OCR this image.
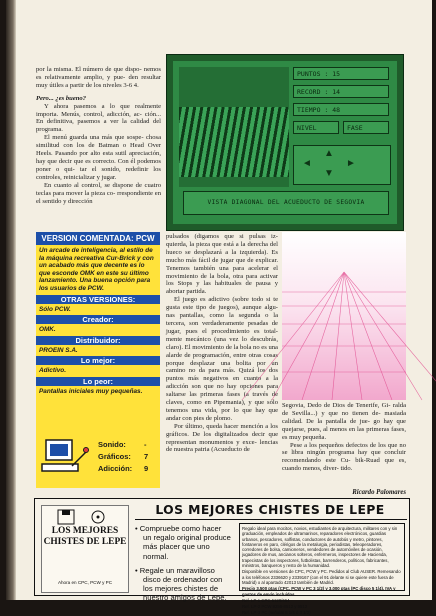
por la misma. El número de que dispo- nemos es relativamente amplio, y pue- den resultar muy útiles a partir de los niveles 3-6 4.

Pero... ¿es bueno?

Y ahora pasemos a lo que realmente importa. Menús, control, adicción, ac- ción... En definitiva, pasemos a ver la calidad del programa.

El menú guarda una más que sospe- chosa similitud con los de Batman o Head Over Heels. Pasando por alto esta sutil apreciación, hay que decir que es correcto. Con él podemos poner o qui- tar el sonido, redefinir los controles, reinicializar y jugar.

En cuanto al control, se dispone de cuatro teclas para mover la pieza co- rrespondiente en el sentido y dirección

PUNTOS : 15
RECORD : 14
TIEMPO : 48
NIVEL	FASE
◄
▲
▼
►
VISTA DIAGONAL DEL ACUEDUCTO DE SEGOVIA
VERSION COMENTADA: PCW
Un arcade de inteligencia, al estilo de la máquina recreativa Cur-Brick y con un acabado más que decente es lo que esconde OMK en este su último lanzamiento. Una buena opción para los usuarios de PCW.
OTRAS VERSIONES:
Sólo PCW.
Creador:
OMK.
Distribuidor:
PROEIN S.A.
Lo mejor:
Adictivo.
Lo peor:
Pantallas iniciales muy pequeñas.
Sonido: -
Gráficos: 7
Adicción: 9

pulsados (digamos que si pulsas iz- quierda, la pieza que está a la derecha del hueco se desplazará a la izquierda). Es mucho más fácil de jugar que de explicar. Tenemos también una para acelerar el movimiento de la bola, otra para activar los Stops y las habituales de pausa y abortar partida.

El juego es adictivo (sobre todo si te gusta este tipo de juegos), aunque algu- nas pantallas, como la segunda o la tercera, son verdaderamente pesadas de jugar, pues el procedimiento es total- mente mecánico (una vez lo descubrás, claro). El movimiento de la bola no es una alarde de programación, entre otras cosas porque desplazar una bolita por un camino no da para más. Quizá los dos puntos más negativos en cuanto a la adicción son que no hay opciones para saltarse las primeras fases (a través de claves, como en Pipemania), y que sólo tenemos una vida, por lo que hay que andar con pies de plomo.

Por último, queda hacer mención a los gráficos. De los digitalizados decir que representan monumentos y exce- lencias de nuestra patria (Acueducto de

Segovia, Dedo de Dios de Tenerife, Gi- ralda de Sevilla...) y que no tienen de- masiada calidad. De la pantalla de jue- go hay que quejarse, pues, al menos en las primeras fases, es muy pequeña.

Pese a los pequeños defectos de los que no se libra ningún programa hay que concluir recomendando este Cu- bik-Ruad que es, cuando menos, diver- tido.

Ricardo Palomares
LOS MEJORES CHISTES DE LEPE
Ahora en CPC, PCW y PC
LOS MEJORES CHISTES DE LEPE

• Compruebe como hacer un regalo original produce más placer que uno normal.

• Regale un maravilloso disco de ordenador con los mejores chistes de nuestro amigos de Lepe.

Regalo ideal para mocitos, novios, estudiantes de arquitectura, militares con y sin graduación, empleados de ultramarinos, reparadores electrónicos, guardias urbanos, pescadores, solfistas, conductores de autobús y metro, pintores, fontaneros en paro, clérigos de la metalurgia, periodistas, teleoperadores, corredores de bolsa, camioneros, vendedores de automóviles de ocasión, jugadores de mus, ancianos solteros, enfermeros, inspectores de Hacienda, trapecistas de los inspectores, futbolistas, barrenderos, políticos, fabricantes, ministros, banqueros y resto de la humanidad.

Disponible en versiones de CPC, PCW y PC. Pedidos al Club AUSER. Remesando a los teléfonos 2336620 y 2339167 (con el 91 delante si se quiere este fuera de Madrid) o al apartado 42013 también de Madrid.

Precio 3.500 ptas (CPC, PCW y PC 3 1/2) y 3.000 ptas (PC disco 5 1/4). IVA y gastos de envío incluidos.

Ref. LP-1 CPC 6128/664

Ref. LP-2 PCW 8256-8512 y 9512

Ref. LP-3 PC (señalar 5 1/4 ó 3 1/2)
